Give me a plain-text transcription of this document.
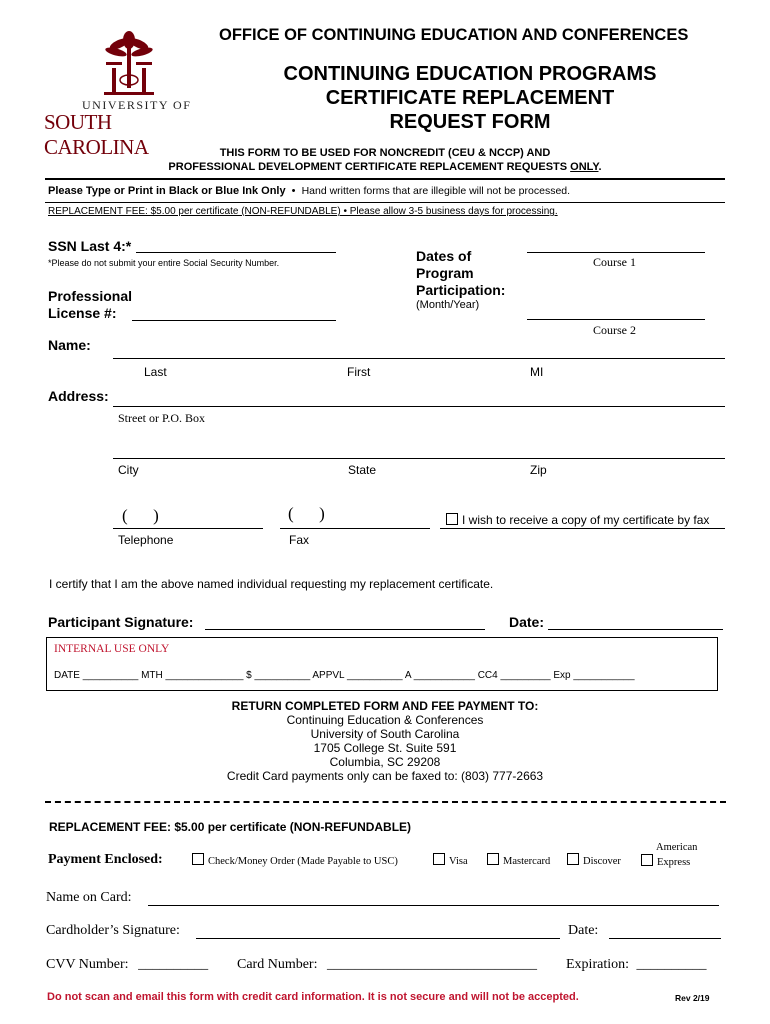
UNIVERSITY OF
SOUTH CAROLINA
OFFICE OF CONTINUING EDUCATION AND CONFERENCES
CONTINUING EDUCATION PROGRAMS
CERTIFICATE REPLACEMENT
REQUEST FORM
THIS FORM TO BE USED FOR NONCREDIT (CEU & NCCP) AND
PROFESSIONAL DEVELOPMENT CERTIFICATE REPLACEMENT REQUESTS ONLY.
Please Type or Print in Black or Blue Ink Only • Hand written forms that are illegible will not be processed.
REPLACEMENT FEE: $5.00 per certificate (NON-REFUNDABLE) • Please allow 3-5 business days for processing.
SSN Last 4:*
*Please do not submit your entire Social Security Number.
Professional
License #:
Dates of
Program
Participation:
(Month/Year)
Course 1
Course 2
Name:
Last	First	MI
Address:
Street or P.O. Box
City	State	Zip
(      )	(      )	I wish to receive a copy of my certificate by fax
Telephone	Fax
I certify that I am the above named individual requesting my replacement certificate.
Participant Signature:	Date:
INTERNAL USE ONLY
DATE __________ MTH ______________ $ __________ APPVL __________ A ___________ CC4 _________ Exp ___________
RETURN COMPLETED FORM AND FEE PAYMENT TO:
Continuing Education & Conferences
University of South Carolina
1705 College St. Suite 591
Columbia, SC 29208
Credit Card payments only can be faxed to: (803) 777-2663
REPLACEMENT FEE: $5.00 per certificate (NON-REFUNDABLE)
Payment Enclosed:	Check/Money Order (Made Payable to USC)	Visa	Mastercard	Discover
American
Express
Name on Card:
Cardholder’s Signature:	Date:
CVV Number: __________ Card Number: ______________________________ Expiration: __________
Do not scan and email this form with credit card information. It is not secure and will not be accepted.	Rev 2/19
